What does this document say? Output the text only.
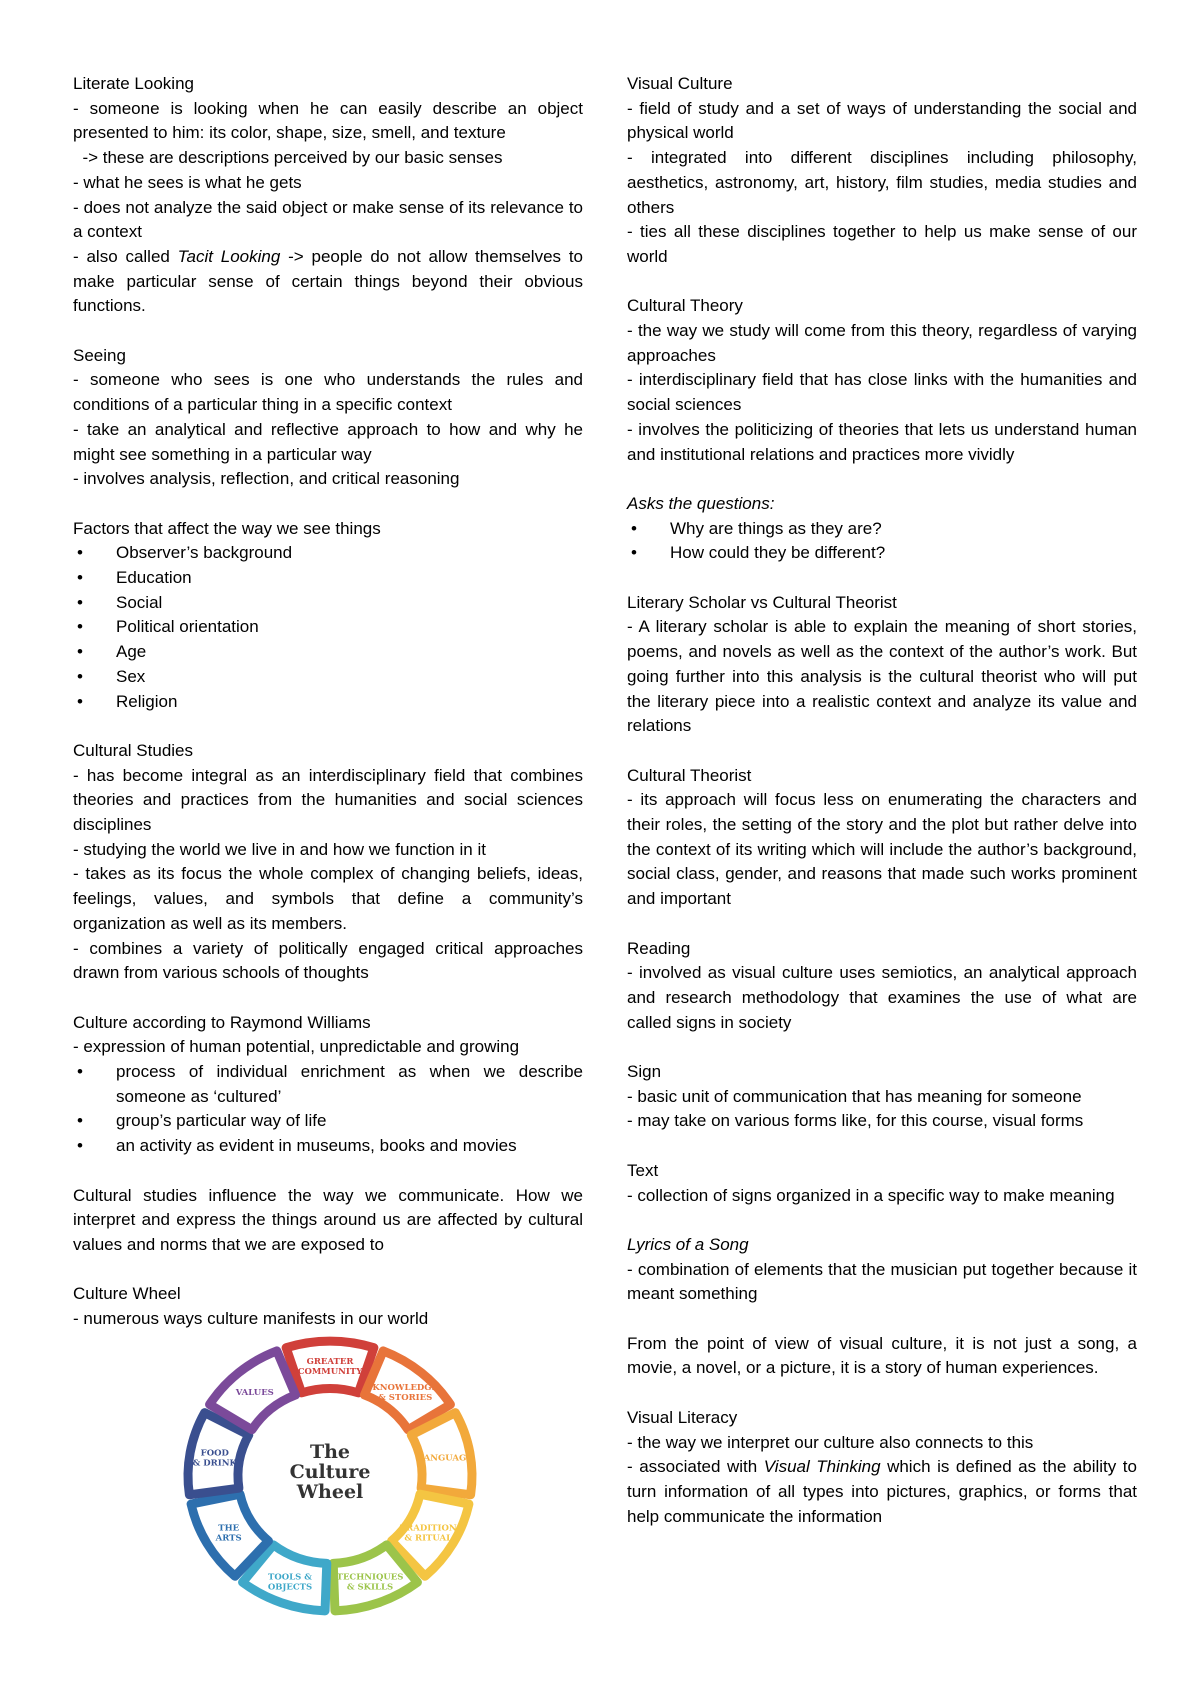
Literate Looking

- someone is looking when he can easily describe an object presented to him: its color, shape, size, smell, and texture

-> these are descriptions perceived by our basic senses

- what he sees is what he gets

- does not analyze the said object or make sense of its relevance to a context

- also called Tacit Looking -> people do not allow themselves to make particular sense of certain things beyond their obvious functions.

Seeing

- someone who sees is one who understands the rules and conditions of a particular thing in a specific context

- take an analytical and reflective approach to how and why he might see something in a particular way

- involves analysis, reflection, and critical reasoning

Factors that affect the way we see things

• Observer’s background
• Education
• Social
• Political orientation
• Age
• Sex
• Religion

Cultural Studies

- has become integral as an interdisciplinary field that combines theories and practices from the humanities and social sciences disciplines

- studying the world we live in and how we function in it

- takes as its focus the whole complex of changing beliefs, ideas, feelings, values, and symbols that define a community’s organization as well as its members.

- combines a variety of politically engaged critical approaches drawn from various schools of thoughts

Culture according to Raymond Williams

- expression of human potential, unpredictable and growing

• process of individual enrichment as when we describe someone as ‘cultured’
• group’s particular way of life
• an activity as evident in museums, books and movies

Cultural studies influence the way we communicate. How we interpret and express the things around us are affected by cultural values and norms that we are exposed to

Culture Wheel

- numerous ways culture manifests in our world

The
Culture
Wheel
GREATER
COMMUNITY
KNOWLEDGE
& STORIES
LANGUAGE
TRADITIONS
& RITUALS
TECHNIQUES
& SKILLS
TOOLS &
OBJECTS
THE
ARTS
FOOD
& DRINK
VALUES

Visual Culture

- field of study and a set of ways of understanding the social and physical world

- integrated into different disciplines including philosophy, aesthetics, astronomy, art, history, film studies, media studies and others

- ties all these disciplines together to help us make sense of our world

Cultural Theory

- the way we study will come from this theory, regardless of varying approaches

- interdisciplinary field that has close links with the humanities and social sciences

- involves the politicizing of theories that lets us understand human and institutional relations and practices more vividly

Asks the questions:

• Why are things as they are?
• How could they be different?

Literary Scholar vs Cultural Theorist

- A literary scholar is able to explain the meaning of short stories, poems, and novels as well as the context of the author’s work. But going further into this analysis is the cultural theorist who will put the literary piece into a realistic context and analyze its value and relations

Cultural Theorist

- its approach will focus less on enumerating the characters and their roles, the setting of the story and the plot but rather delve into the context of its writing which will include the author’s background, social class, gender, and reasons that made such works prominent and important

Reading

- involved as visual culture uses semiotics, an analytical approach and research methodology that examines the use of what are called signs in society

Sign

- basic unit of communication that has meaning for someone

- may take on various forms like, for this course, visual forms

Text

- collection of signs organized in a specific way to make meaning

Lyrics of a Song

- combination of elements that the musician put together because it meant something

From the point of view of visual culture, it is not just a song, a movie, a novel, or a picture, it is a story of human experiences.

Visual Literacy

- the way we interpret our culture also connects to this

- associated with Visual Thinking which is defined as the ability to turn information of all types into pictures, graphics, or forms that help communicate the information
